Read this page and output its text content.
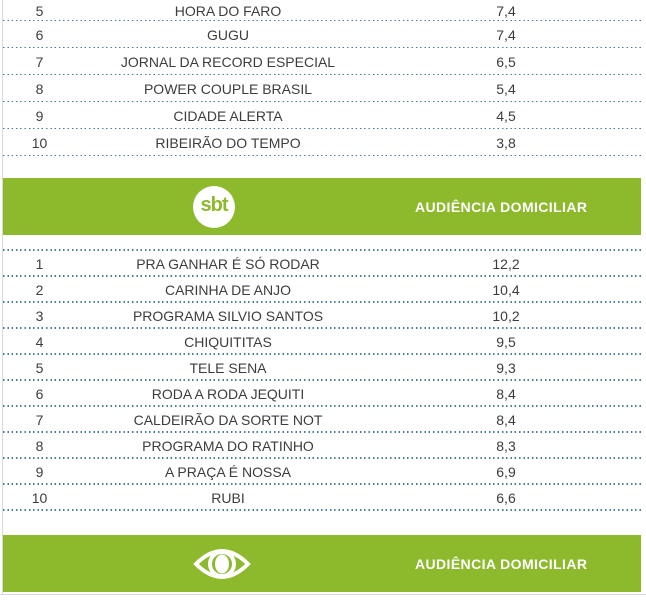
5	HORA DO FARO	7,4
6	GUGU	7,4
7	JORNAL DA RECORD ESPECIAL	6,5
8	POWER COUPLE BRASIL	5,4
9	CIDADE ALERTA	4,5
10	RIBEIRÃO DO TEMPO	3,8
sbt	AUDIÊNCIA DOMICILIAR
1	PRA GANHAR É SÓ RODAR	12,2
2	CARINHA DE ANJO	10,4
3	PROGRAMA SILVIO SANTOS	10,2
4	CHIQUITITAS	9,5
5	TELE SENA	9,3
6	RODA A RODA JEQUITI	8,4
7	CALDEIRÃO DA SORTE NOT	8,4
8	PROGRAMA DO RATINHO	8,3
9	A PRAÇA É NOSSA	6,9
10	RUBI	6,6
AUDIÊNCIA DOMICILIAR
